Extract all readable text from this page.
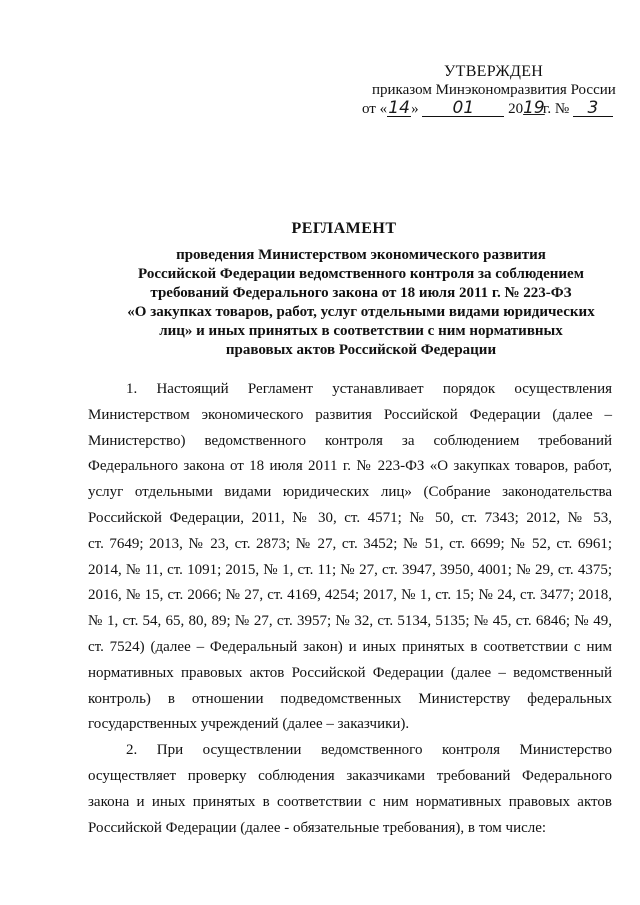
УТВЕРЖДЕН
приказом Минэкономразвития России
от «14» 01 2019 г. № 3
РЕГЛАМЕНТ
проведения Министерством экономического развития
Российской Федерации ведомственного контроля за соблюдением
требований Федерального закона от 18 июля 2011 г. № 223-ФЗ
«О закупках товаров, работ, услуг отдельными видами юридических
лиц» и иных принятых в соответствии с ним нормативных
правовых актов Российской Федерации
1. Настоящий Регламент устанавливает порядок осуществления
Министерством экономического развития Российской Федерации (далее –
Министерство) ведомственного контроля за соблюдением требований
Федерального закона от 18 июля 2011 г. № 223-ФЗ «О закупках товаров, работ,
услуг отдельными видами юридических лиц» (Собрание законодательства
Российской Федерации, 2011, № 30, ст. 4571; № 50, ст. 7343; 2012, № 53,
ст. 7649; 2013, № 23, ст. 2873; № 27, ст. 3452; № 51, ст. 6699; № 52, ст. 6961;
2014, № 11, ст. 1091; 2015, № 1, ст. 11; № 27, ст. 3947, 3950, 4001; № 29, ст. 4375;
2016, № 15, ст. 2066; № 27, ст. 4169, 4254; 2017, № 1, ст. 15; № 24, ст. 3477; 2018,
№ 1, ст. 54, 65, 80, 89; № 27, ст. 3957; № 32, ст. 5134, 5135; № 45, ст. 6846; № 49,
ст. 7524) (далее – Федеральный закон) и иных принятых в соответствии с ним
нормативных правовых актов Российской Федерации (далее – ведомственный
контроль) в отношении подведомственных Министерству федеральных
государственных учреждений (далее – заказчики).
2. При осуществлении ведомственного контроля Министерство
осуществляет проверку соблюдения заказчиками требований Федерального
закона и иных принятых в соответствии с ним нормативных правовых актов
Российской Федерации (далее - обязательные требования), в том числе:
